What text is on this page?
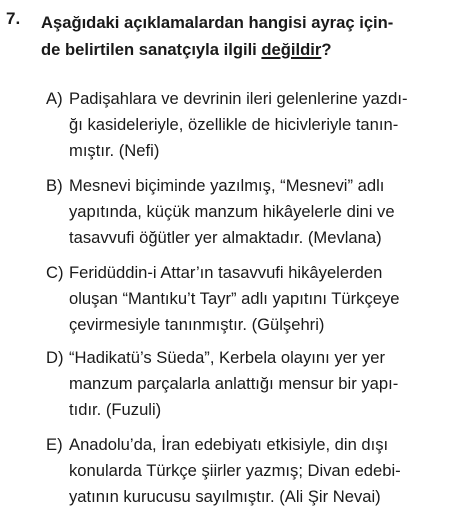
7. Aşağıdaki açıklamalardan hangisi ayraç için-
de belirtilen sanatçıyla ilgili değildir?
A) Padişahlara ve devrinin ileri gelenlerine yazdı-
ğı kasideleriyle, özellikle de hicivleriyle tanın-
mıştır. (Nefi)
B) Mesnevi biçiminde yazılmış, “Mesnevi” adlı
yapıtında, küçük manzum hikâyelerle dini ve
tasavvufi öğütler yer almaktadır. (Mevlana)
C) Feridüddin-i Attar’ın tasavvufi hikâyelerden
oluşan “Mantıku’t Tayr” adlı yapıtını Türkçeye
çevirmesiyle tanınmıştır. (Gülşehri)
D) “Hadikatü’s Süeda”, Kerbela olayını yer yer
manzum parçalarla anlattığı mensur bir yapı-
tıdır. (Fuzuli)
E) Anadolu’da, İran edebiyatı etkisiyle, din dışı
konularda Türkçe şiirler yazmış; Divan edebi-
yatının kurucusu sayılmıştır. (Ali Şir Nevai)
